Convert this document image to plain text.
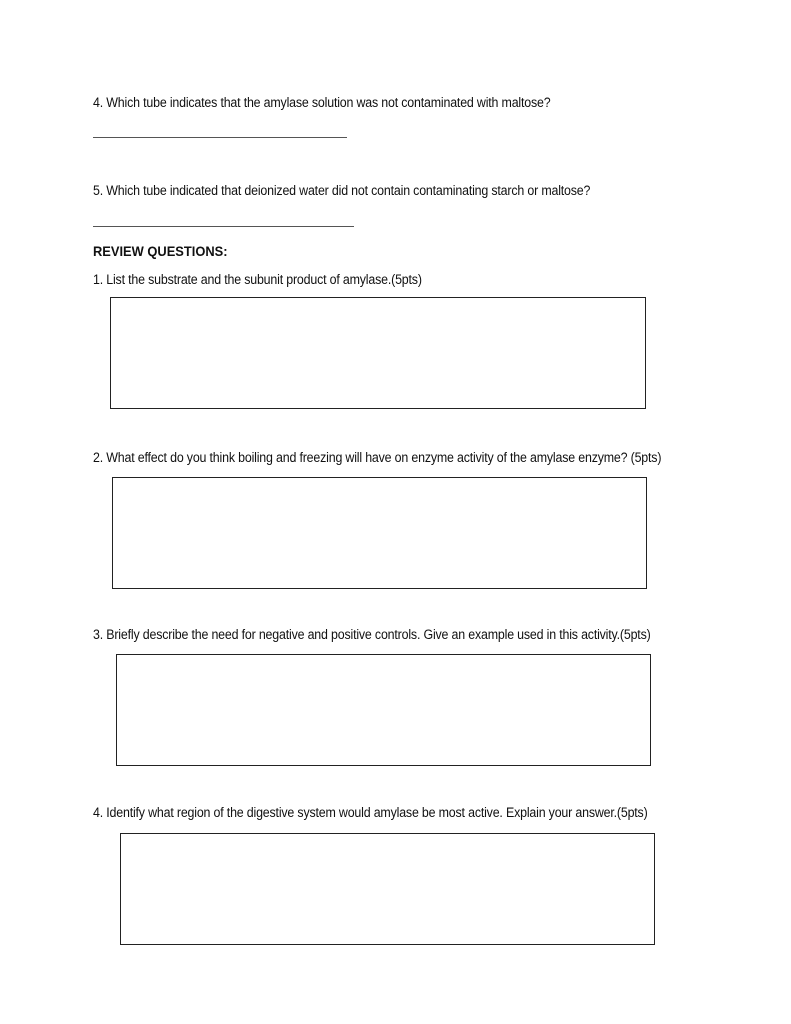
4. Which tube indicates that the amylase solution was not contaminated with maltose?
5. Which tube indicated that deionized water did not contain contaminating starch or maltose?
REVIEW QUESTIONS:
1. List the substrate and the subunit product of amylase.(5pts)
2. What effect do you think boiling and freezing will have on enzyme activity of the amylase enzyme? (5pts)
3. Briefly describe the need for negative and positive controls. Give an example used in this activity.(5pts)
4. Identify what region of the digestive system would amylase be most active. Explain your answer.(5pts)
